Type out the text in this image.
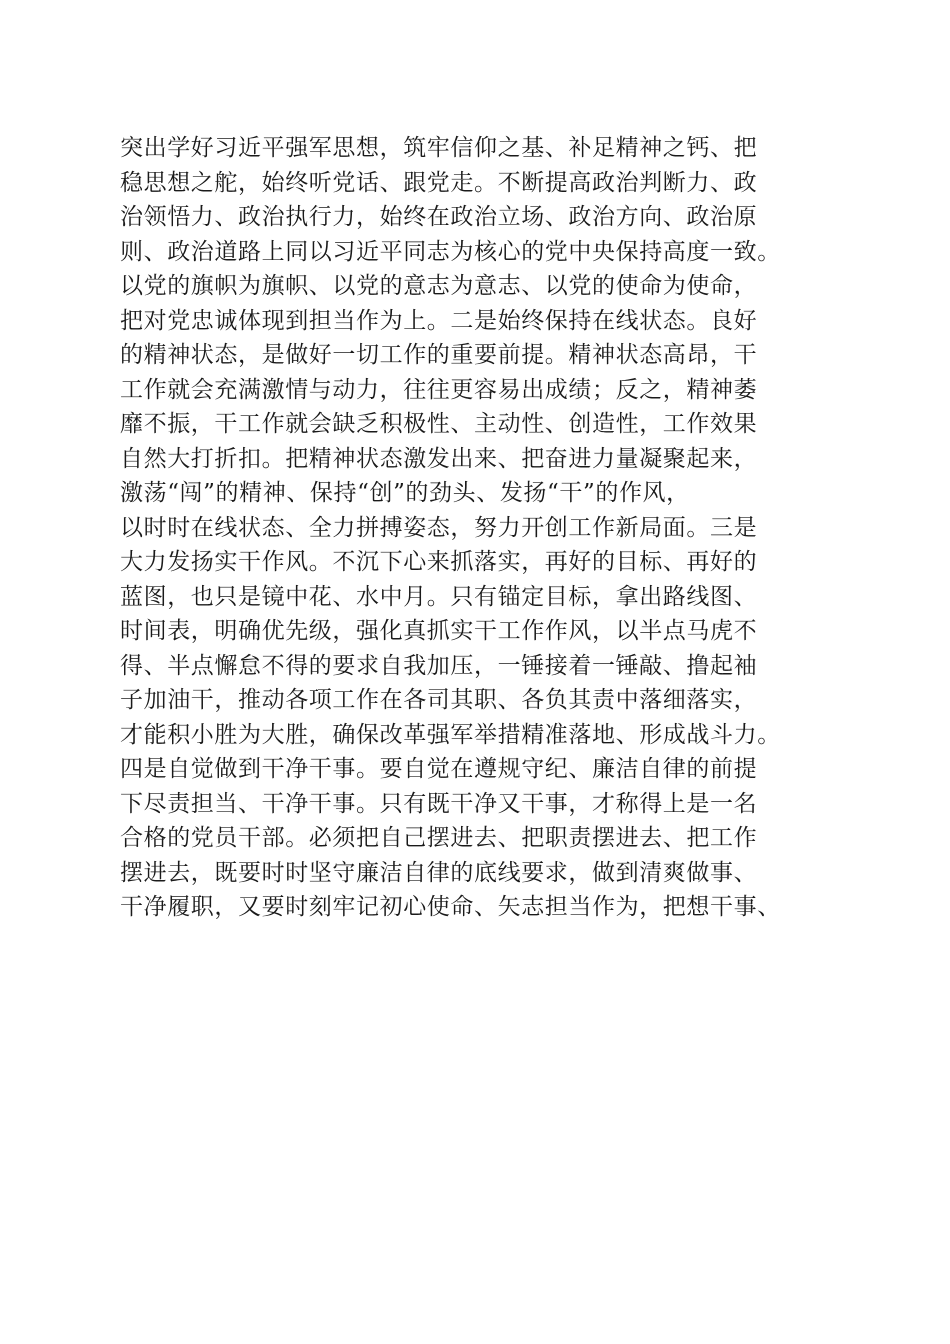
突出学好习近平强军思想，筑牢信仰之基、补足精神之钙、把
稳思想之舵，始终听党话、跟党走。不断提高政治判断力、政
治领悟力、政治执行力，始终在政治立场、政治方向、政治原
则、政治道路上同以习近平同志为核心的党中央保持高度一致。
以党的旗帜为旗帜、以党的意志为意志、以党的使命为使命，
把对党忠诚体现到担当作为上。二是始终保持在线状态。良好
的精神状态，是做好一切工作的重要前提。精神状态高昂，干
工作就会充满激情与动力，往往更容易出成绩；反之，精神萎
靡不振，干工作就会缺乏积极性、主动性、创造性，工作效果
自然大打折扣。把精神状态激发出来、把奋进力量凝聚起来，
激荡“闯”的精神、保持“创”的劲头、发扬“干”的作风，
以时时在线状态、全力拼搏姿态，努力开创工作新局面。三是
大力发扬实干作风。不沉下心来抓落实，再好的目标、再好的
蓝图，也只是镜中花、水中月。只有锚定目标，拿出路线图、
时间表，明确优先级，强化真抓实干工作作风，以半点马虎不
得、半点懈怠不得的要求自我加压，一锤接着一锤敲、撸起袖
子加油干，推动各项工作在各司其职、各负其责中落细落实，
才能积小胜为大胜，确保改革强军举措精准落地、形成战斗力。
四是自觉做到干净干事。要自觉在遵规守纪、廉洁自律的前提
下尽责担当、干净干事。只有既干净又干事，才称得上是一名
合格的党员干部。必须把自己摆进去、把职责摆进去、把工作
摆进去，既要时时坚守廉洁自律的底线要求，做到清爽做事、
干净履职，又要时刻牢记初心使命、矢志担当作为，把想干事、
